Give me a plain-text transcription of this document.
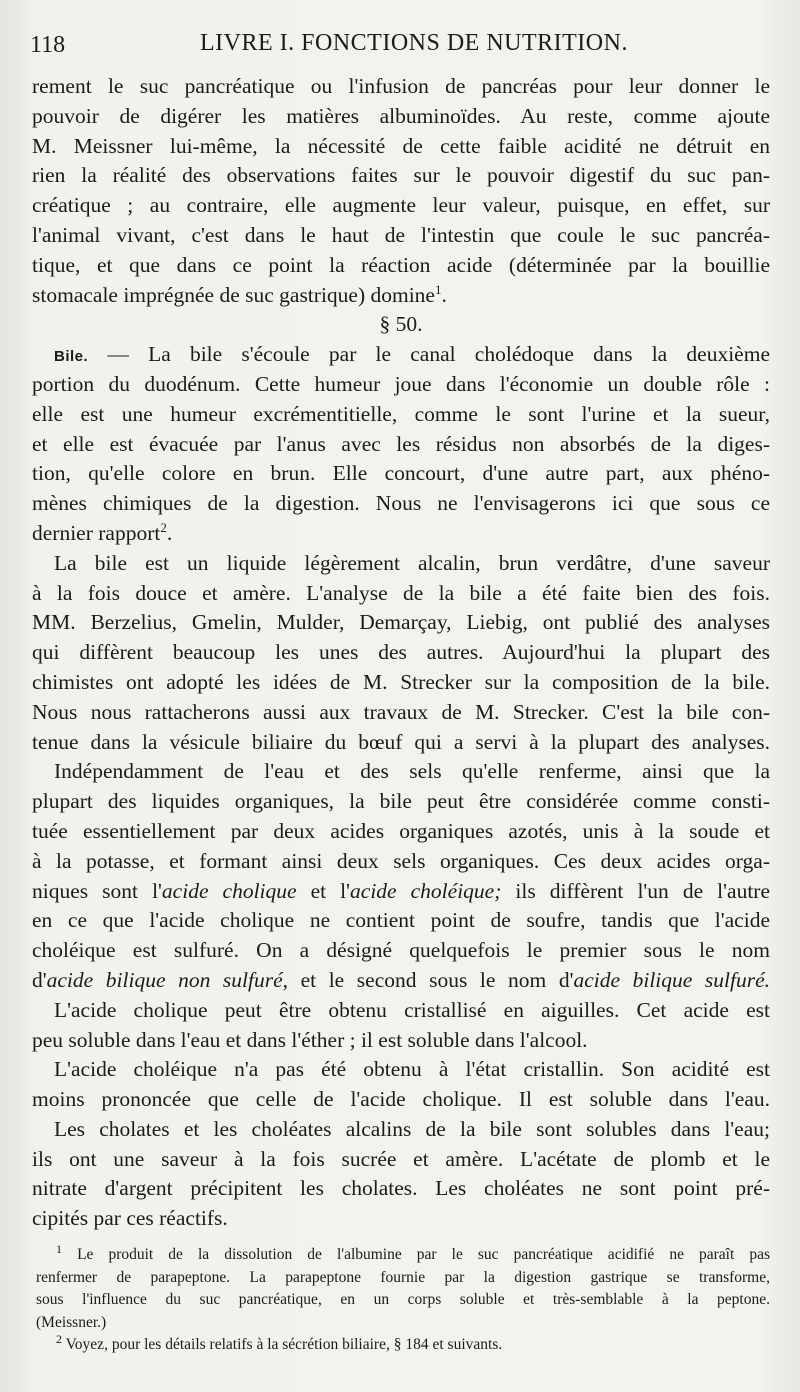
118	LIVRE I. FONCTIONS DE NUTRITION.
rement le suc pancréatique ou l'infusion de pancréas pour leur donner le
pouvoir de digérer les matières albuminoïdes. Au reste, comme ajoute
M. Meissner lui-même, la nécessité de cette faible acidité ne détruit en
rien la réalité des observations faites sur le pouvoir digestif du suc pan-
créatique ; au contraire, elle augmente leur valeur, puisque, en effet, sur
l'animal vivant, c'est dans le haut de l'intestin que coule le suc pancréa-
tique, et que dans ce point la réaction acide (déterminée par la bouillie
stomacale imprégnée de suc gastrique) domine$^1$.
§ 50.
Bile. — La bile s'écoule par le canal cholédoque dans la deuxième
portion du duodénum. Cette humeur joue dans l'économie un double rôle :
elle est une humeur excrémentitielle, comme le sont l'urine et la sueur,
et elle est évacuée par l'anus avec les résidus non absorbés de la diges-
tion, qu'elle colore en brun. Elle concourt, d'une autre part, aux phéno-
mènes chimiques de la digestion. Nous ne l'envisagerons ici que sous ce
dernier rapport$^2$.
La bile est un liquide légèrement alcalin, brun verdâtre, d'une saveur
à la fois douce et amère. L'analyse de la bile a été faite bien des fois.
MM. Berzelius, Gmelin, Mulder, Demarçay, Liebig, ont publié des analyses
qui diffèrent beaucoup les unes des autres. Aujourd'hui la plupart des
chimistes ont adopté les idées de M. Strecker sur la composition de la bile.
Nous nous rattacherons aussi aux travaux de M. Strecker. C'est la bile con-
tenue dans la vésicule biliaire du bœuf qui a servi à la plupart des analyses.
Indépendamment de l'eau et des sels qu'elle renferme, ainsi que la
plupart des liquides organiques, la bile peut être considérée comme consti-
tuée essentiellement par deux acides organiques azotés, unis à la soude et
à la potasse, et formant ainsi deux sels organiques. Ces deux acides orga-
niques sont l'acide cholique et l'acide choléique; ils diffèrent l'un de l'autre
en ce que l'acide cholique ne contient point de soufre, tandis que l'acide
choléique est sulfuré. On a désigné quelquefois le premier sous le nom
d'acide bilique non sulfuré, et le second sous le nom d'acide bilique sulfuré.
L'acide cholique peut être obtenu cristallisé en aiguilles. Cet acide est
peu soluble dans l'eau et dans l'éther ; il est soluble dans l'alcool.
L'acide choléique n'a pas été obtenu à l'état cristallin. Son acidité est
moins prononcée que celle de l'acide cholique. Il est soluble dans l'eau.
Les cholates et les choléates alcalins de la bile sont solubles dans l'eau;
ils ont une saveur à la fois sucrée et amère. L'acétate de plomb et le
nitrate d'argent précipitent les cholates. Les choléates ne sont point pré-
cipités par ces réactifs.
$^1$ Le produit de la dissolution de l'albumine par le suc pancréatique acidifié ne paraît pas
renfermer de parapeptone. La parapeptone fournie par la digestion gastrique se transforme,
sous l'influence du suc pancréatique, en un corps soluble et très-semblable à la peptone.
(Meissner.)
$^2$ Voyez, pour les détails relatifs à la sécrétion biliaire, § 184 et suivants.
